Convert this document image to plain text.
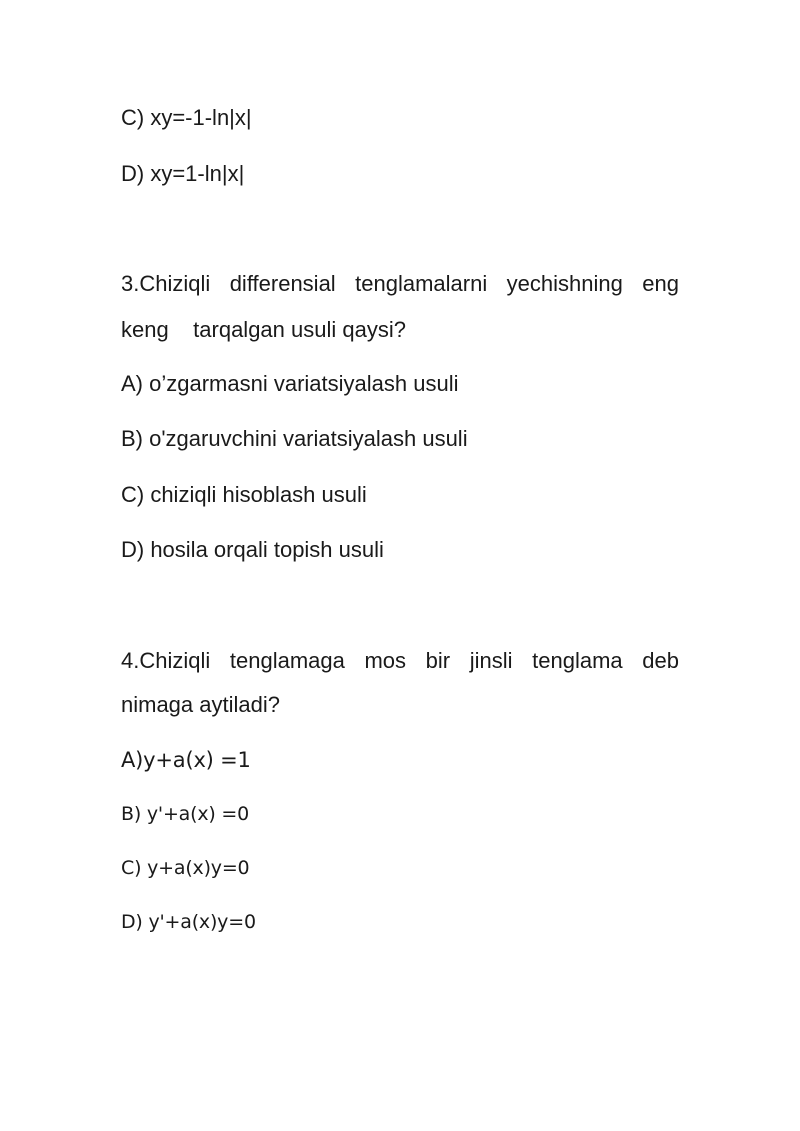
C) xy=-1-ln|x|
D) xy=1-ln|x|
3.Chiziqli differensial tenglamalarni yechishning eng
keng    tarqalgan usuli qaysi?
A) o’zgarmasni variatsiyalash usuli
B) o'zgaruvchini variatsiyalash usuli
C) chiziqli hisoblash usuli
D) hosila orqali topish usuli
4.Chiziqli tenglamaga mos bir jinsli tenglama deb
nimaga aytiladi?
A)y+a(x) =1
B) y'+a(x) =0
C) y+a(x)y=0
D) y'+a(x)y=0
